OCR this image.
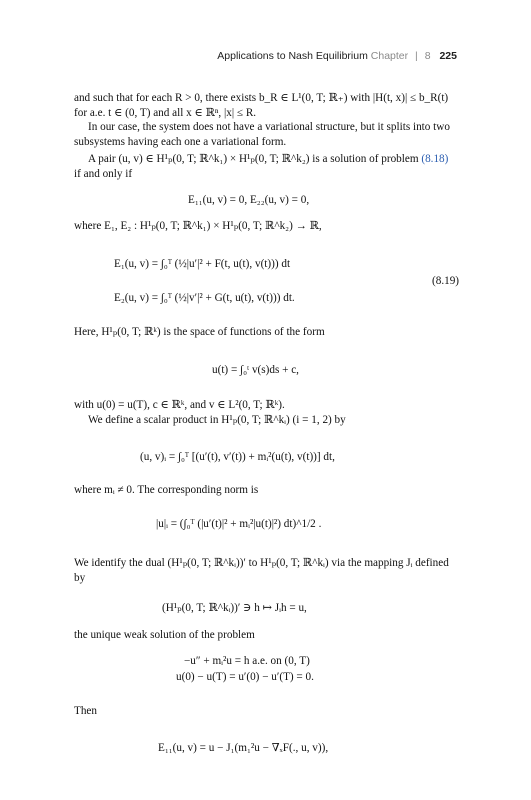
Applications to Nash Equilibrium Chapter | 8 225
and such that for each R > 0, there exists b_R ∈ L¹(0, T; ℝ₊) with |H(t, x)| ≤ b_R(t) for a.e. t ∈ (0, T) and all x ∈ ℝⁿ, |x| ≤ R.
In our case, the system does not have a variational structure, but it splits into two subsystems having each one a variational form.
A pair (u, v) ∈ H¹ₚ(0, T; ℝ^k₁) × H¹ₚ(0, T; ℝ^k₂) is a solution of problem (8.18) if and only if
E₁₁(u, v) = 0, E₂₂(u, v) = 0,
where E₁, E₂ : H¹ₚ(0, T; ℝ^k₁) × H¹ₚ(0, T; ℝ^k₂) → ℝ,
E₁(u, v) = ∫₀ᵀ (½|u′|² + F(t, u(t), v(t))) dt
E₂(u, v) = ∫₀ᵀ (½|v′|² + G(t, u(t), v(t))) dt.
(8.19)
Here, H¹ₚ(0, T; ℝᵏ) is the space of functions of the form
u(t) = ∫₀ᵗ v(s)ds + c,
with u(0) = u(T), c ∈ ℝᵏ, and v ∈ L²(0, T; ℝᵏ).
We define a scalar product in H¹ₚ(0, T; ℝ^kᵢ) (i = 1, 2) by
(u, v)ᵢ = ∫₀ᵀ [(u′(t), v′(t)) + mᵢ²(u(t), v(t))] dt,
where mᵢ ≠ 0. The corresponding norm is
|u|ᵢ = (∫₀ᵀ (|u′(t)|² + mᵢ²|u(t)|²) dt)^1/2 .
We identify the dual (H¹ₚ(0, T; ℝ^kᵢ))′ to H¹ₚ(0, T; ℝ^kᵢ) via the mapping Jᵢ defined by
(H¹ₚ(0, T; ℝ^kᵢ))′ ∋ h ↦ Jᵢh = u,
the unique weak solution of the problem
−u″ + mᵢ²u = h a.e. on (0, T)
u(0) − u(T) = u′(0) − u′(T) = 0.
Then
E₁₁(u, v) = u − J₁(m₁²u − ∇ₓF(., u, v)),
